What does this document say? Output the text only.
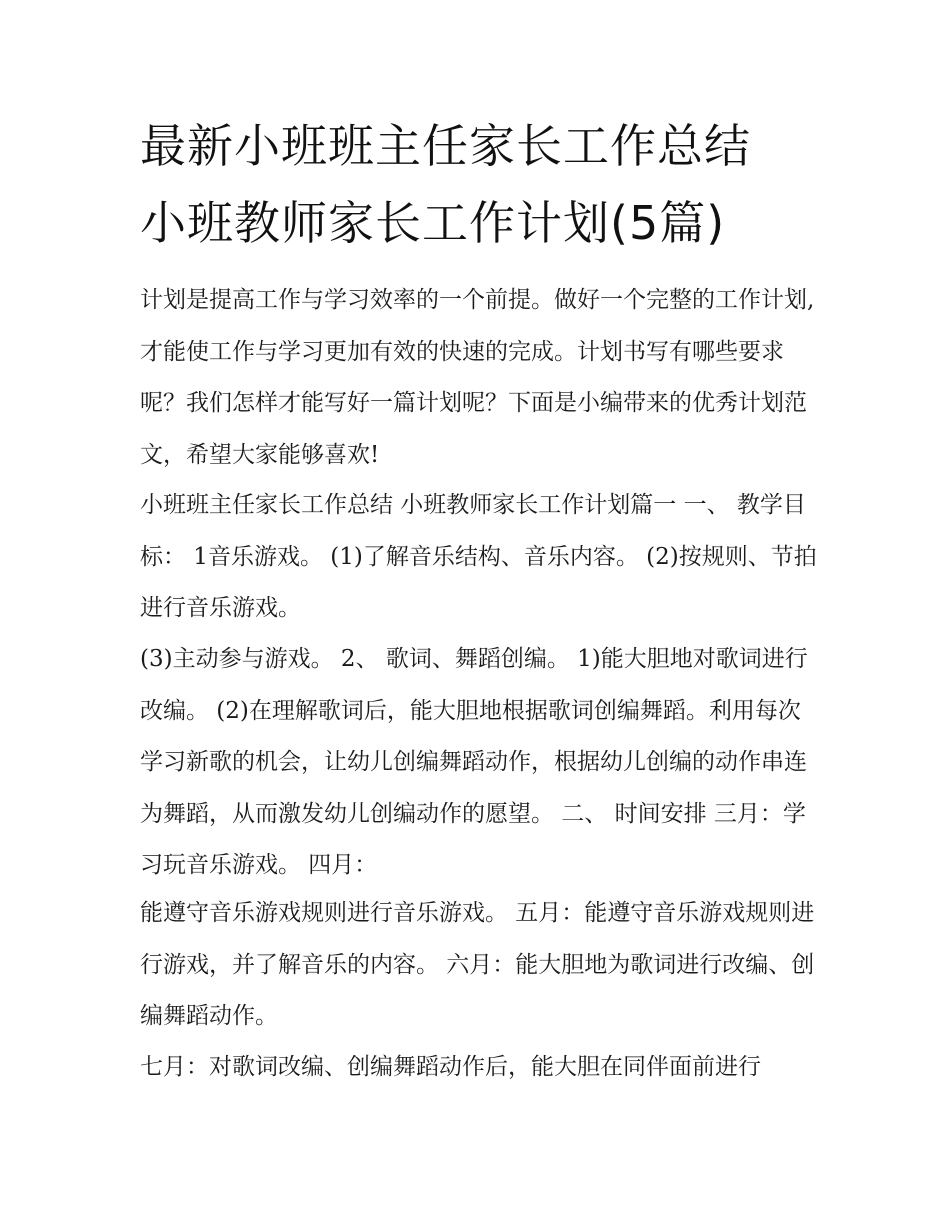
最新小班班主任家长工作总结
小班教师家长工作计划(5篇)

计划是提高工作与学习效率的一个前提。做好一个完整的工作计划,才能使工作与学习更加有效的快速的完成。计划书写有哪些要求呢？我们怎样才能写好一篇计划呢？下面是小编带来的优秀计划范文，希望大家能够喜欢!

小班班主任家长工作总结 小班教师家长工作计划篇一 一、 教学目标： 1音乐游戏。 (1)了解音乐结构、音乐内容。 (2)按规则、节拍进行音乐游戏。

(3)主动参与游戏。 2、 歌词、舞蹈创编。 1)能大胆地对歌词进行改编。 (2)在理解歌词后，能大胆地根据歌词创编舞蹈。利用每次学习新歌的机会，让幼儿创编舞蹈动作，根据幼儿创编的动作串连为舞蹈，从而激发幼儿创编动作的愿望。 二、 时间安排 三月：学习玩音乐游戏。 四月：

能遵守音乐游戏规则进行音乐游戏。 五月：能遵守音乐游戏规则进行游戏，并了解音乐的内容。 六月：能大胆地为歌词进行改编、创编舞蹈动作。

七月：对歌词改编、创编舞蹈动作后，能大胆在同伴面前进行
